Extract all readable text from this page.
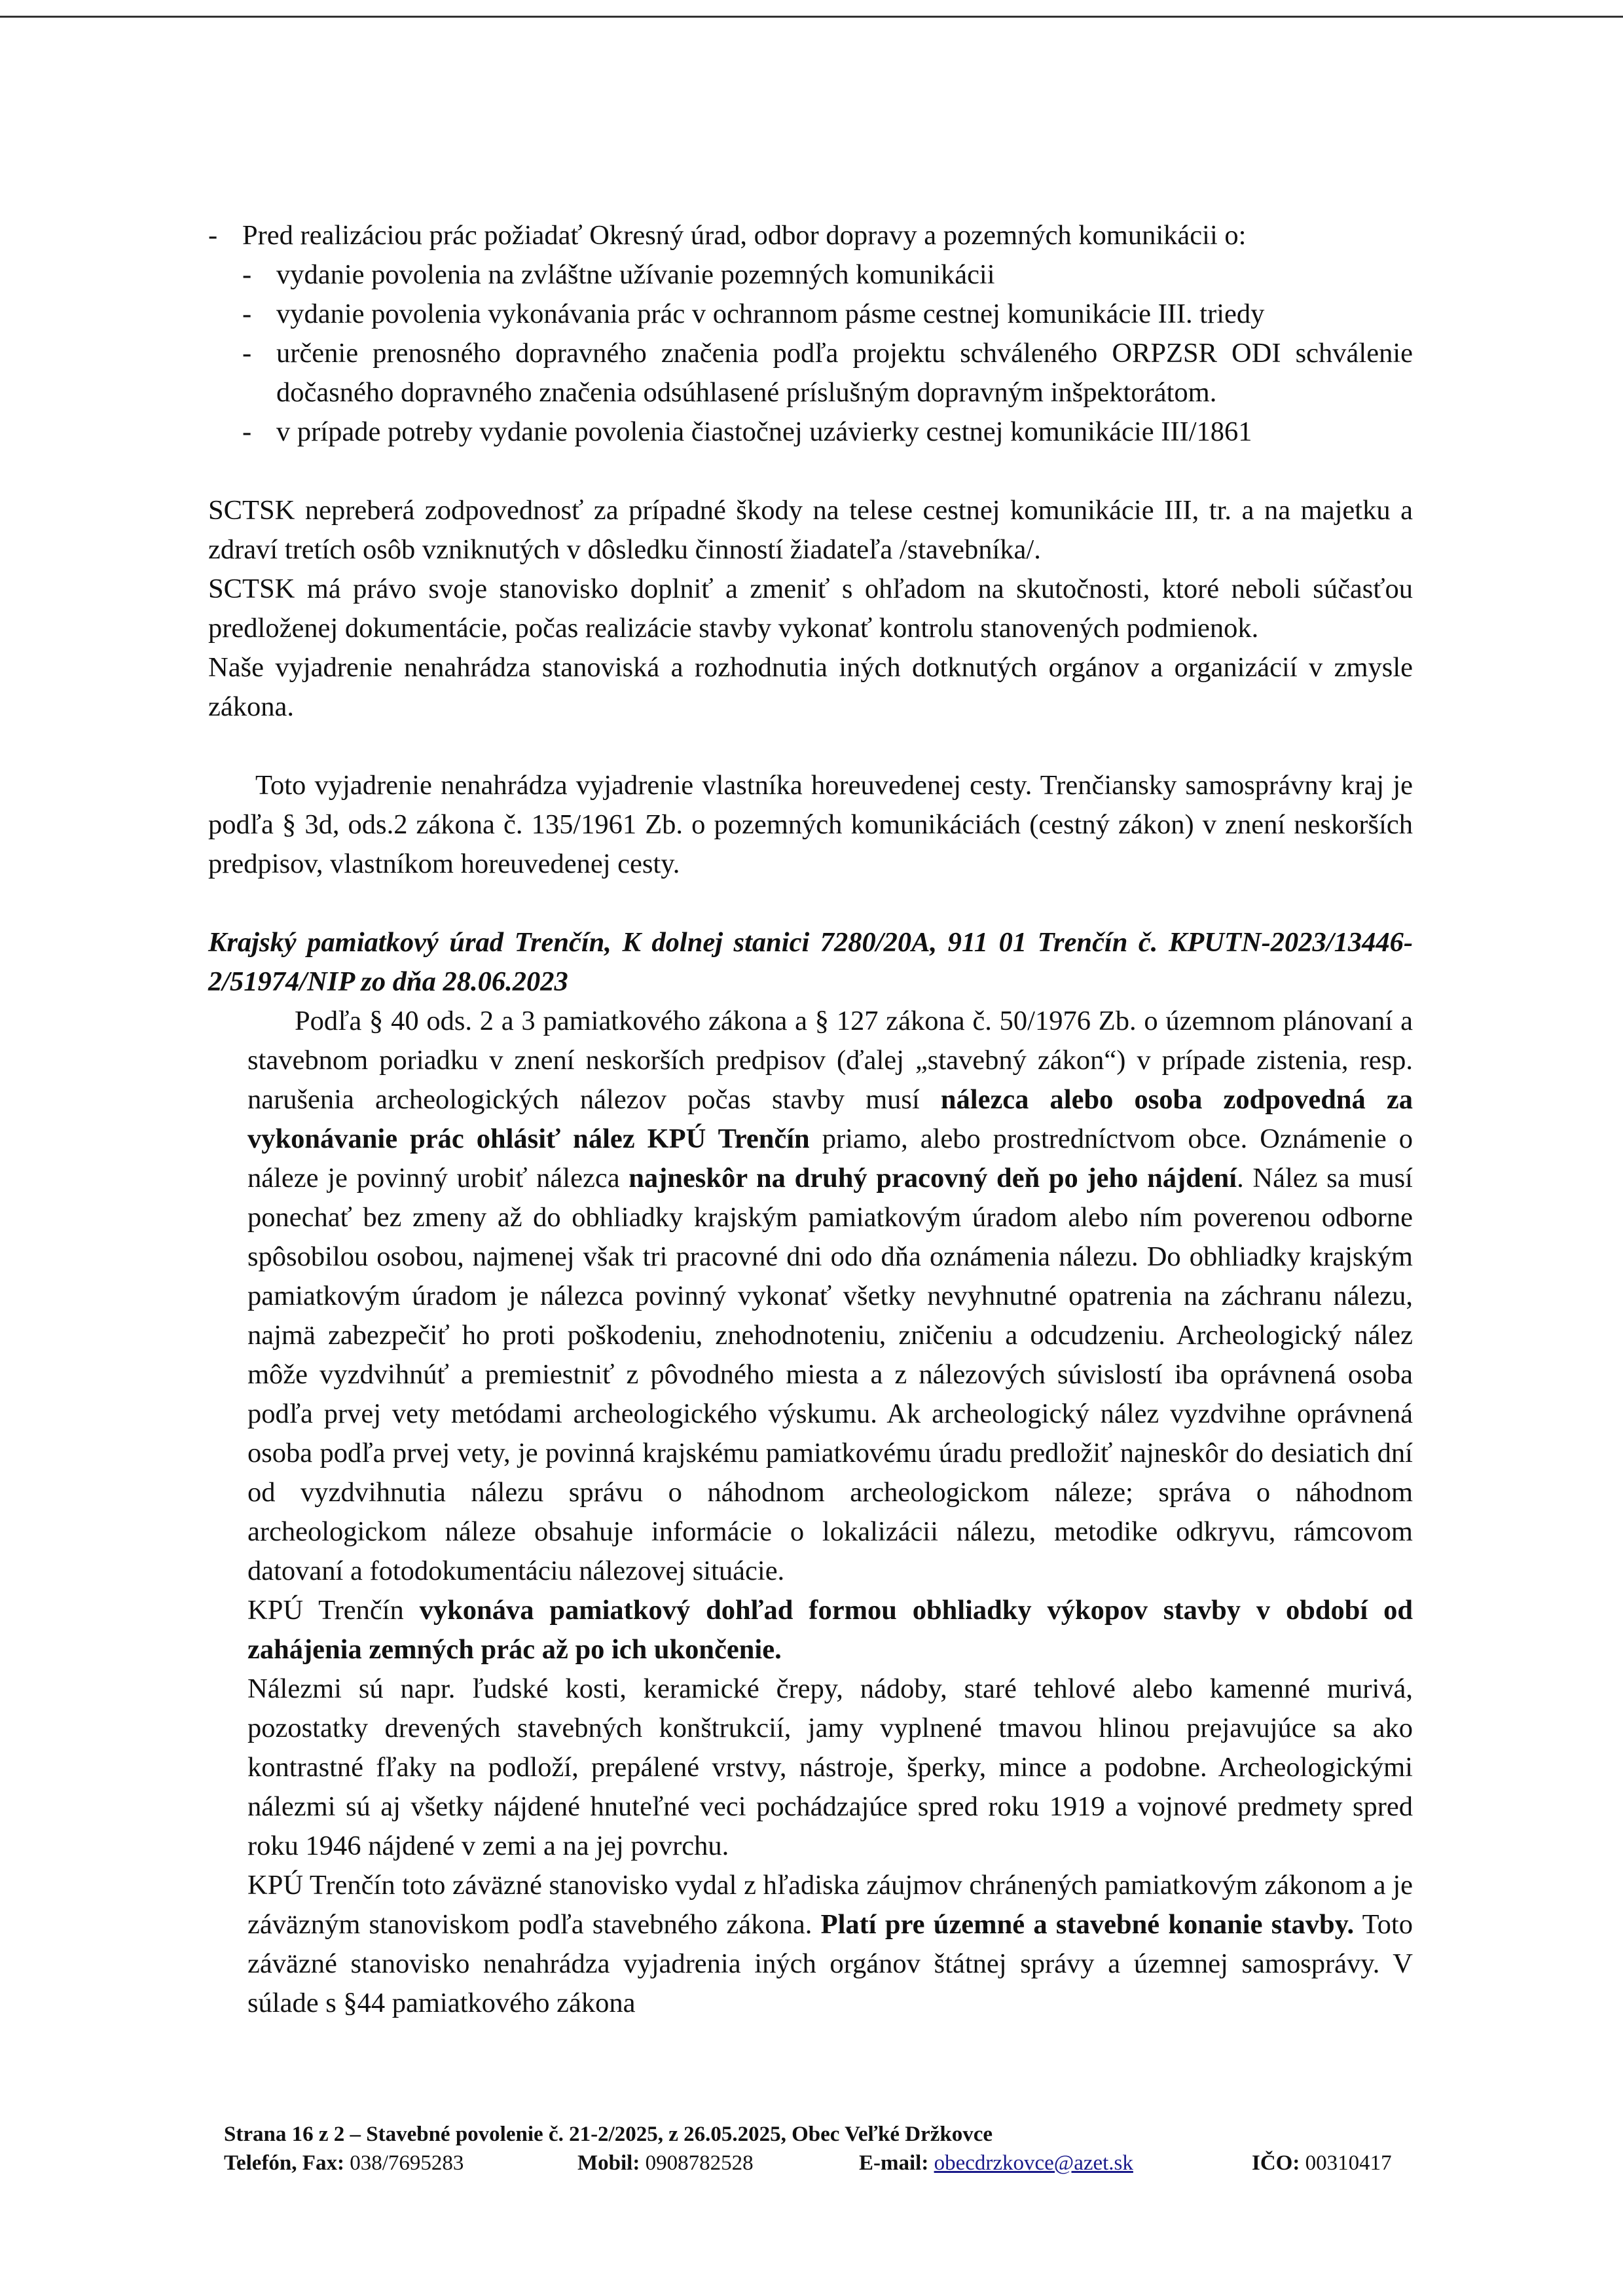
- Pred realizáciou prác požiadať Okresný úrad, odbor dopravy a pozemných komunikácii o:
- vydanie povolenia na zvláštne užívanie pozemných komunikácii
- vydanie povolenia vykonávania prác v ochrannom pásme cestnej komunikácie III. triedy
- určenie prenosného dopravného značenia podľa projektu schváleného ORPZSR ODI schválenie dočasného dopravného značenia odsúhlasené príslušným dopravným inšpektorátom.
- v prípade potreby vydanie povolenia čiastočnej uzávierky cestnej komunikácie III/1861

SCTSK nepreberá zodpovednosť za prípadné škody na telese cestnej komunikácie III, tr. a na majetku a zdraví tretích osôb vzniknutých v dôsledku činností žiadateľa /stavebníka/.

SCTSK má právo svoje stanovisko doplniť a zmeniť s ohľadom na skutočnosti, ktoré neboli súčasťou predloženej dokumentácie, počas realizácie stavby vykonať kontrolu stanovených podmienok.

Naše vyjadrenie nenahrádza stanoviská a rozhodnutia iných dotknutých orgánov a organizácií v zmysle zákona.

Toto vyjadrenie nenahrádza vyjadrenie vlastníka horeuvedenej cesty. Trenčiansky samosprávny kraj je podľa § 3d, ods.2 zákona č. 135/1961 Zb. o pozemných komunikáciách (cestný zákon) v znení neskorších predpisov, vlastníkom horeuvedenej cesty.

Krajský pamiatkový úrad Trenčín, K dolnej stanici 7280/20A, 911 01 Trenčín č. KPUTN-2023/13446-2/51974/NIP zo dňa 28.06.2023

Podľa § 40 ods. 2 a 3 pamiatkového zákona a § 127 zákona č. 50/1976 Zb. o územnom plánovaní a stavebnom poriadku v znení neskorších predpisov (ďalej „stavebný zákon“) v prípade zistenia, resp. narušenia archeologických nálezov počas stavby musí nálezca alebo osoba zodpovedná za vykonávanie prác ohlásiť nález KPÚ Trenčín priamo, alebo prostredníctvom obce. Oznámenie o náleze je povinný urobiť nálezca najneskôr na druhý pracovný deň po jeho nájdení. Nález sa musí ponechať bez zmeny až do obhliadky krajským pamiatkovým úradom alebo ním poverenou odborne spôsobilou osobou, najmenej však tri pracovné dni odo dňa oznámenia nálezu. Do obhliadky krajským pamiatkovým úradom je nálezca povinný vykonať všetky nevyhnutné opatrenia na záchranu nálezu, najmä zabezpečiť ho proti poškodeniu, znehodnoteniu, zničeniu a odcudzeniu. Archeologický nález môže vyzdvihnúť a premiestniť z pôvodného miesta a z nálezových súvislostí iba oprávnená osoba podľa prvej vety metódami archeologického výskumu. Ak archeologický nález vyzdvihne oprávnená osoba podľa prvej vety, je povinná krajskému pamiatkovému úradu predložiť najneskôr do desiatich dní od vyzdvihnutia nálezu správu o náhodnom archeologickom náleze; správa o náhodnom archeologickom náleze obsahuje informácie o lokalizácii nálezu, metodike odkryvu, rámcovom datovaní a fotodokumentáciu nálezovej situácie.

KPÚ Trenčín vykonáva pamiatkový dohľad formou obhliadky výkopov stavby v období od zahájenia zemných prác až po ich ukončenie.

Nálezmi sú napr. ľudské kosti, keramické črepy, nádoby, staré tehlové alebo kamenné murivá, pozostatky drevených stavebných konštrukcií, jamy vyplnené tmavou hlinou prejavujúce sa ako kontrastné fľaky na podloží, prepálené vrstvy, nástroje, šperky, mince a podobne. Archeologickými nálezmi sú aj všetky nájdené hnuteľné veci pochádzajúce spred roku 1919 a vojnové predmety spred roku 1946 nájdené v zemi a na jej povrchu.

KPÚ Trenčín toto záväzné stanovisko vydal z hľadiska záujmov chránených pamiatkovým zákonom a je záväzným stanoviskom podľa stavebného zákona. Platí pre územné a stavebné konanie stavby. Toto záväzné stanovisko nenahrádza vyjadrenia iných orgánov štátnej správy a územnej samosprávy. V súlade s §44 pamiatkového zákona

Strana 16 z 2 – Stavebné povolenie č. 21-2/2025, z 26.05.2025, Obec Veľké Držkovce
Telefón, Fax: 038/7695283	Mobil: 0908782528	E-mail: obecdrzkovce@azet.sk	IČO: 00310417
